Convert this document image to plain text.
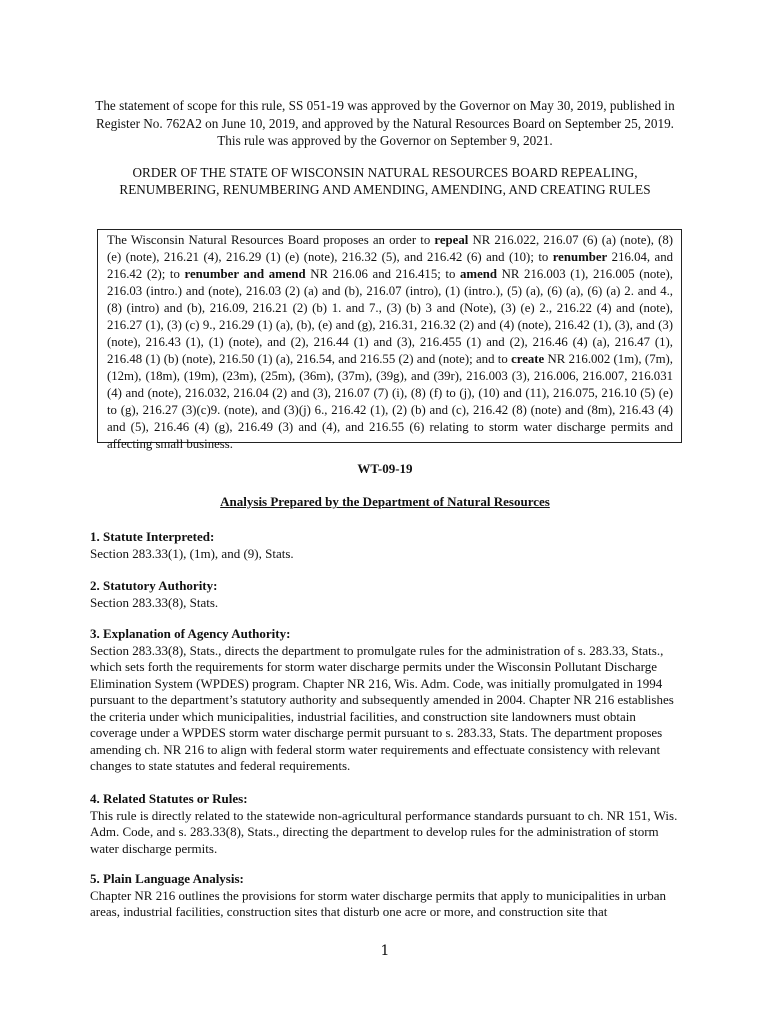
The statement of scope for this rule, SS 051-19 was approved by the Governor on May 30, 2019, published in Register No. 762A2 on June 10, 2019, and approved by the Natural Resources Board on September 25, 2019. This rule was approved by the Governor on September 9, 2021.
ORDER OF THE STATE OF WISCONSIN NATURAL RESOURCES BOARD REPEALING, RENUMBERING, RENUMBERING AND AMENDING, AMENDING, AND CREATING RULES
The Wisconsin Natural Resources Board proposes an order to repeal NR 216.022, 216.07 (6) (a) (note), (8) (e) (note), 216.21 (4), 216.29 (1) (e) (note), 216.32 (5), and 216.42 (6) and (10); to renumber 216.04, and 216.42 (2); to renumber and amend NR 216.06 and 216.415; to amend NR 216.003 (1), 216.005 (note), 216.03 (intro.) and (note), 216.03 (2) (a) and (b), 216.07 (intro), (1) (intro.), (5) (a), (6) (a), (6) (a) 2. and 4., (8) (intro) and (b), 216.09, 216.21 (2) (b) 1. and 7., (3) (b) 3 and (Note), (3) (e) 2., 216.22 (4) and (note), 216.27 (1), (3) (c) 9., 216.29 (1) (a), (b), (e) and (g), 216.31, 216.32 (2) and (4) (note), 216.42 (1), (3), and (3) (note), 216.43 (1), (1) (note), and (2), 216.44 (1) and (3), 216.455 (1) and (2), 216.46 (4) (a), 216.47 (1), 216.48 (1) (b) (note), 216.50 (1) (a), 216.54, and 216.55 (2) and (note); and to create NR 216.002 (1m), (7m), (12m), (18m), (19m), (23m), (25m), (36m), (37m), (39g), and (39r), 216.003 (3), 216.006, 216.007, 216.031 (4) and (note), 216.032, 216.04 (2) and (3), 216.07 (7) (i), (8) (f) to (j), (10) and (11), 216.075, 216.10 (5) (e) to (g), 216.27 (3)(c)9. (note), and (3)(j) 6., 216.42 (1), (2) (b) and (c), 216.42 (8) (note) and (8m), 216.43 (4) and (5), 216.46 (4) (g), 216.49 (3) and (4), and 216.55 (6) relating to storm water discharge permits and affecting small business.
WT-09-19
Analysis Prepared by the Department of Natural Resources
1. Statute Interpreted:
Section 283.33(1), (1m), and (9), Stats.
2. Statutory Authority:
Section 283.33(8), Stats.
3. Explanation of Agency Authority:
Section 283.33(8), Stats., directs the department to promulgate rules for the administration of s. 283.33, Stats., which sets forth the requirements for storm water discharge permits under the Wisconsin Pollutant Discharge Elimination System (WPDES) program. Chapter NR 216, Wis. Adm. Code, was initially promulgated in 1994 pursuant to the department’s statutory authority and subsequently amended in 2004. Chapter NR 216 establishes the criteria under which municipalities, industrial facilities, and construction site landowners must obtain coverage under a WPDES storm water discharge permit pursuant to s. 283.33, Stats. The department proposes amending ch. NR 216 to align with federal storm water requirements and effectuate consistency with relevant changes to state statutes and federal requirements.
4. Related Statutes or Rules:
This rule is directly related to the statewide non-agricultural performance standards pursuant to ch. NR 151, Wis. Adm. Code, and s. 283.33(8), Stats., directing the department to develop rules for the administration of storm water discharge permits.
5. Plain Language Analysis:
Chapter NR 216 outlines the provisions for storm water discharge permits that apply to municipalities in urban areas, industrial facilities, construction sites that disturb one acre or more, and construction site that
1
